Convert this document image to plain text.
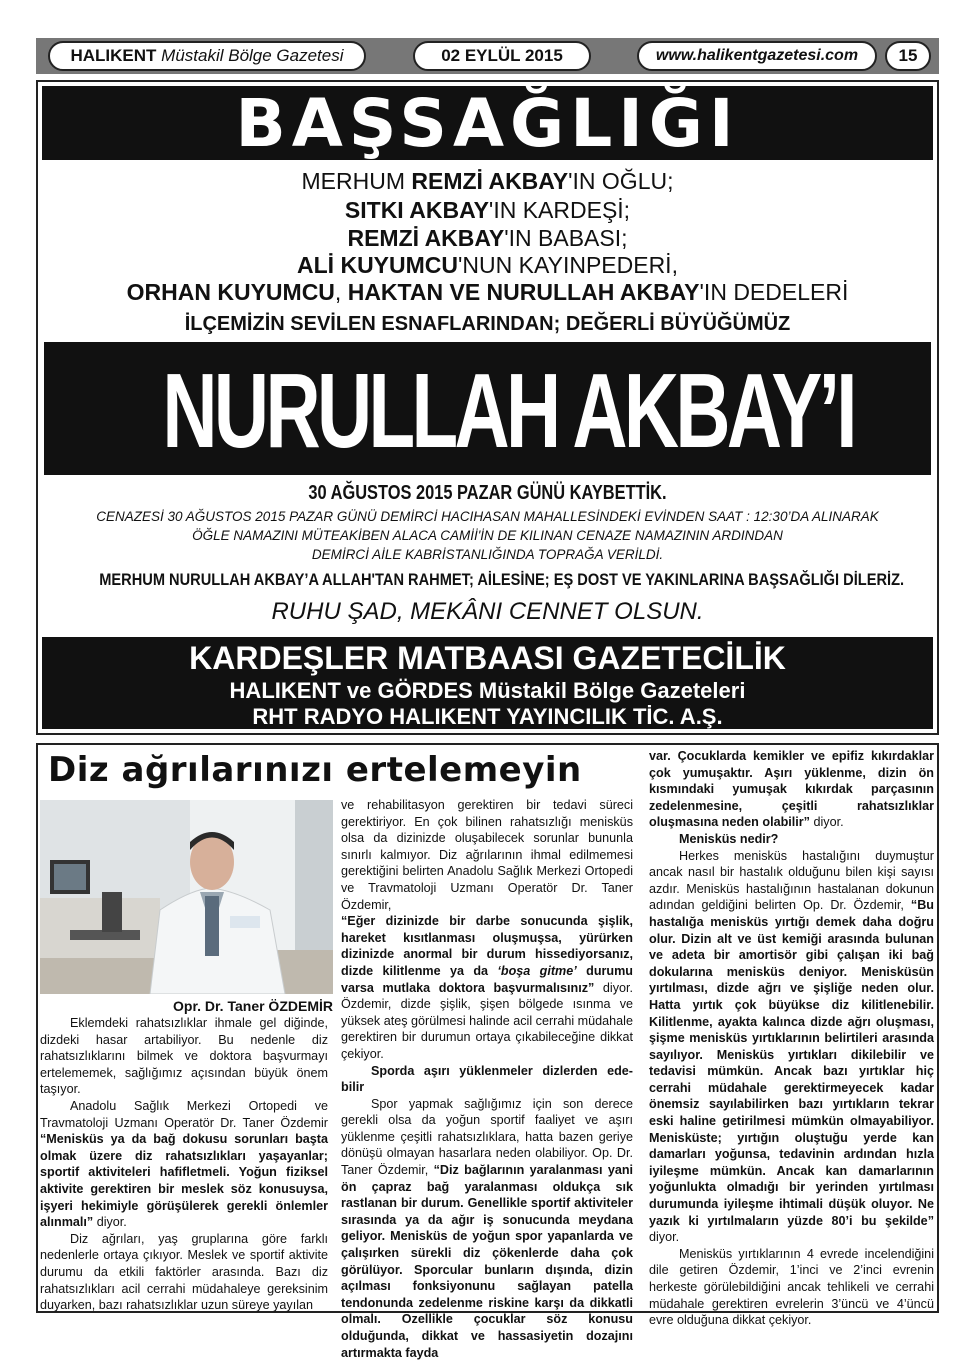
HALIKENT
Müstakil Bölge Gazetesi	02 EYLÜL 2015	www.halikentgazetesi.com	15
BAŞSAĞLIĞI
MERHUM REMZİ AKBAY'IN OĞLU;
SITKI AKBAY'IN KARDEŞİ;
REMZİ AKBAY'IN BABASI;
ALİ KUYUMCU'NUN KAYINPEDERİ,
ORHAN KUYUMCU, HAKTAN VE NURULLAH AKBAY'IN DEDELERİ
İLÇEMİZİN SEVİLEN ESNAFLARINDAN; DEĞERLİ BÜYÜĞÜMÜZ
NURULLAH AKBAY’I
30 AĞUSTOS 2015 PAZAR GÜNÜ KAYBETTİK.
CENAZESİ 30 AĞUSTOS 2015 PAZAR GÜNÜ DEMİRCİ HACIHASAN MAHALLESİNDEKİ EVİNDEN SAAT : 12:30’DA ALINARAK
ÖĞLE NAMAZINI MÜTEAKİBEN ALACA CAMİİ'İN DE KILINAN CENAZE NAMAZININ ARDINDAN
DEMİRCİ AİLE KABRİSTANLIĞINDA TOPRAĞA VERİLDİ.
MERHUM NURULLAH AKBAY’A ALLAH'TAN RAHMET; AİLESİNE; EŞ DOST VE YAKINLARINA BAŞSAĞLIĞI DİLERİZ.
RUHU ŞAD, MEKÂNI CENNET OLSUN.
KARDEŞLER MATBAASI GAZETECİLİK
HALIKENT ve GÖRDES Müstakil Bölge Gazeteleri
RHT RADYO HALIKENT YAYINCILIK TİC. A.Ş.
Diz ağrılarınızı ertelemeyin
Opr. Dr. Taner ÖZDEMİR

Eklemdeki rahatsızlıklar ihmale gel diğinde, dizdeki hasar artabiliyor. Bu nedenle diz rahatsızlıklarını bilmek ve doktora başvurmayı ertelememek, sağlığımız açısından büyük önem taşıyor.

Anadolu Sağlık Merkezi Ortopedi ve Travmatoloji Uzmanı Operatör Dr. Taner Özdemir “Menisküs ya da bağ dokusu sorunları başta olmak üzere diz rahatsızlıkları yaşayanlar; sportif aktiviteleri hafifletmeli. Yoğun fiziksel aktivite gerektiren bir meslek söz konusuysa, işyeri hekimiyle görüşülerek gerekli önlemler alınmalı” diyor.

Diz ağrıları, yaş gruplarına göre farklı nedenlerle ortaya çıkıyor. Meslek ve sportif aktivite durumu da etkili faktörler arasında. Bazı diz rahatsızlıkları acil cerrahi müdahaleye gereksinim duyarken, bazı rahatsızlıklar uzun süreye yayılan

ve rehabilitasyon gerektiren bir tedavi süreci gerektiriyor. En çok bilinen rahatsızlığı menisküs olsa da dizinizde oluşabilecek sorunlar bununla sınırlı kalmıyor. Diz ağrılarının ihmal edilmemesi gerektiğini belirten Anadolu Sağlık Merkezi Ortopedi ve Travmatoloji Uzmanı Operatör Dr. Taner Özdemir,

“Eğer dizinizde bir darbe sonucunda şişlik, hareket kısıtlanması oluşmuşsa, yürürken dizinizde anormal bir durum hissediyorsanız, dizde kilitlenme ya da ‘boşa gitme’ durumu varsa mutlaka doktora başvurmalısınız” diyor. Özdemir, dizde şişlik, şişen bölgede ısınma ve yüksek ateş görülmesi halinde acil cerrahi müdahale gerektiren bir durumun ortaya çıkabileceğine dikkat çekiyor.

Sporda aşırı yüklenmeler dizlerden ede- bilir

Spor yapmak sağlığımız için son derece gerekli olsa da yoğun sportif faaliyet ve aşırı yüklenme çeşitli rahatsızlıklara, hatta bazen geriye dönüşü olmayan hasarlara neden olabiliyor. Op. Dr. Taner Özdemir, “Diz bağlarının yaralanması yani ön çapraz bağ yaralanması oldukça sık rastlanan bir durum. Genellikle sportif aktiviteler sırasında ya da ağır iş sonucunda meydana geliyor. Menisküs de yoğun spor yapanlarda ve çalışırken sürekli diz çökenlerde daha çok görülüyor. Sporcular bunların dışında, dizin açılması fonksiyonunu sağlayan patella tendonunda zedelenme riskine karşı da dikkatli olmalı. Özellikle çocuklar söz konusu olduğunda, dikkat ve hassasiyetin dozajını artırmakta fayda

var. Çocuklarda kemikler ve epifiz kıkırdaklar çok yumuşaktır. Aşırı yüklenme, dizin ön kısmındaki yumuşak kıkırdak parçasının zedelenmesine, çeşitli rahatsızlıklar oluşmasına neden olabilir” diyor.

Menisküs nedir?

Herkes menisküs hastalığını duymuştur ancak nasıl bir hastalık olduğunu bilen kişi sayısı azdır. Menisküs hastalığının hastalanan dokunun adından geldiğini belirten Op. Dr. Özdemir, “Bu hastalığa menisküs yırtığı demek daha doğru olur. Dizin alt ve üst kemiği arasında bulunan ve adeta bir amortisör gibi çalışan iki bağ dokularına menisküs deniyor. Menisküsün yırtılması, dizde ağrı ve şişliğe neden olur. Hatta yırtık çok büyükse diz kilitlenebilir. Kilitlenme, ayakta kalınca dizde ağrı oluşması, şişme menisküs yırtıklarının belirtileri arasında sayılıyor. Menisküs yırtıkları dikilebilir ve tedavisi mümkün. Ancak bazı yırtıklar hiç cerrahi müdahale gerektirmeyecek kadar önemsiz sayılabilirken bazı yırtıkların tekrar eski haline getirilmesi mümkün olmayabiliyor. Menisküste; yırtığın oluştuğu yerde kan damarları yoğunsa, tedavinin ardından hızla iyileşme mümkün. Ancak kan damarlarının yoğunlukta olmadığı bir yerinden yırtılması durumunda iyileşme ihtimali düşük oluyor. Ne yazık ki yırtılmaların yüzde 80’i bu şekilde” diyor.

Menisküs yırtıklarının 4 evrede incelendiğini dile getiren Özdemir, 1’inci ve 2’inci evrenin herkeste görülebildiğini ancak tehlikeli ve cerrahi müdahale gerektiren evrelerin 3’üncü ve 4’üncü evre olduğuna dikkat çekiyor.
